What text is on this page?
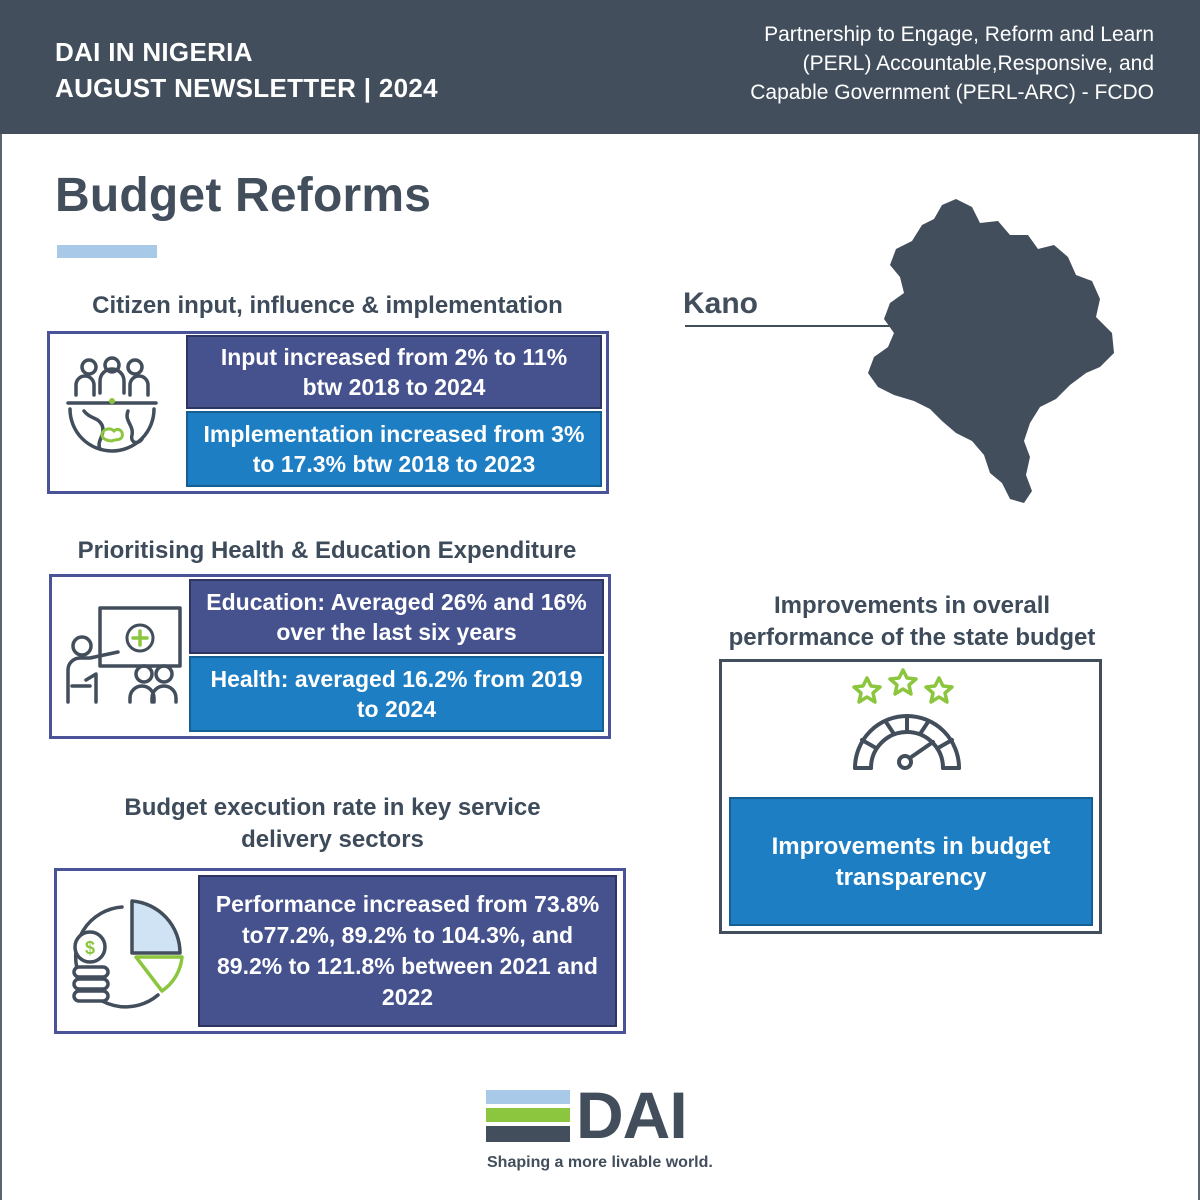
DAI IN NIGERIA
AUGUST NEWSLETTER | 2024
Partnership to Engage, Reform and Learn
(PERL) Accountable,Responsive, and
Capable Government (PERL-ARC) - FCDO
Budget Reforms
Citizen input, influence & implementation
Input increased from 2% to 11% btw 2018 to 2024
Implementation increased from 3% to 17.3% btw 2018 to 2023
Prioritising Health & Education Expenditure
Education: Averaged 26% and 16% over the last six years
Health: averaged 16.2% from 2019 to 2024
Budget execution rate in key service delivery sectors
$
Performance increased from 73.8% to77.2%, 89.2% to 104.3%, and 89.2% to 121.8% between 2021 and 2022
Kano
Improvements in overall performance of the state budget
Improvements in budget transparency
DAI
Shaping a more livable world.
